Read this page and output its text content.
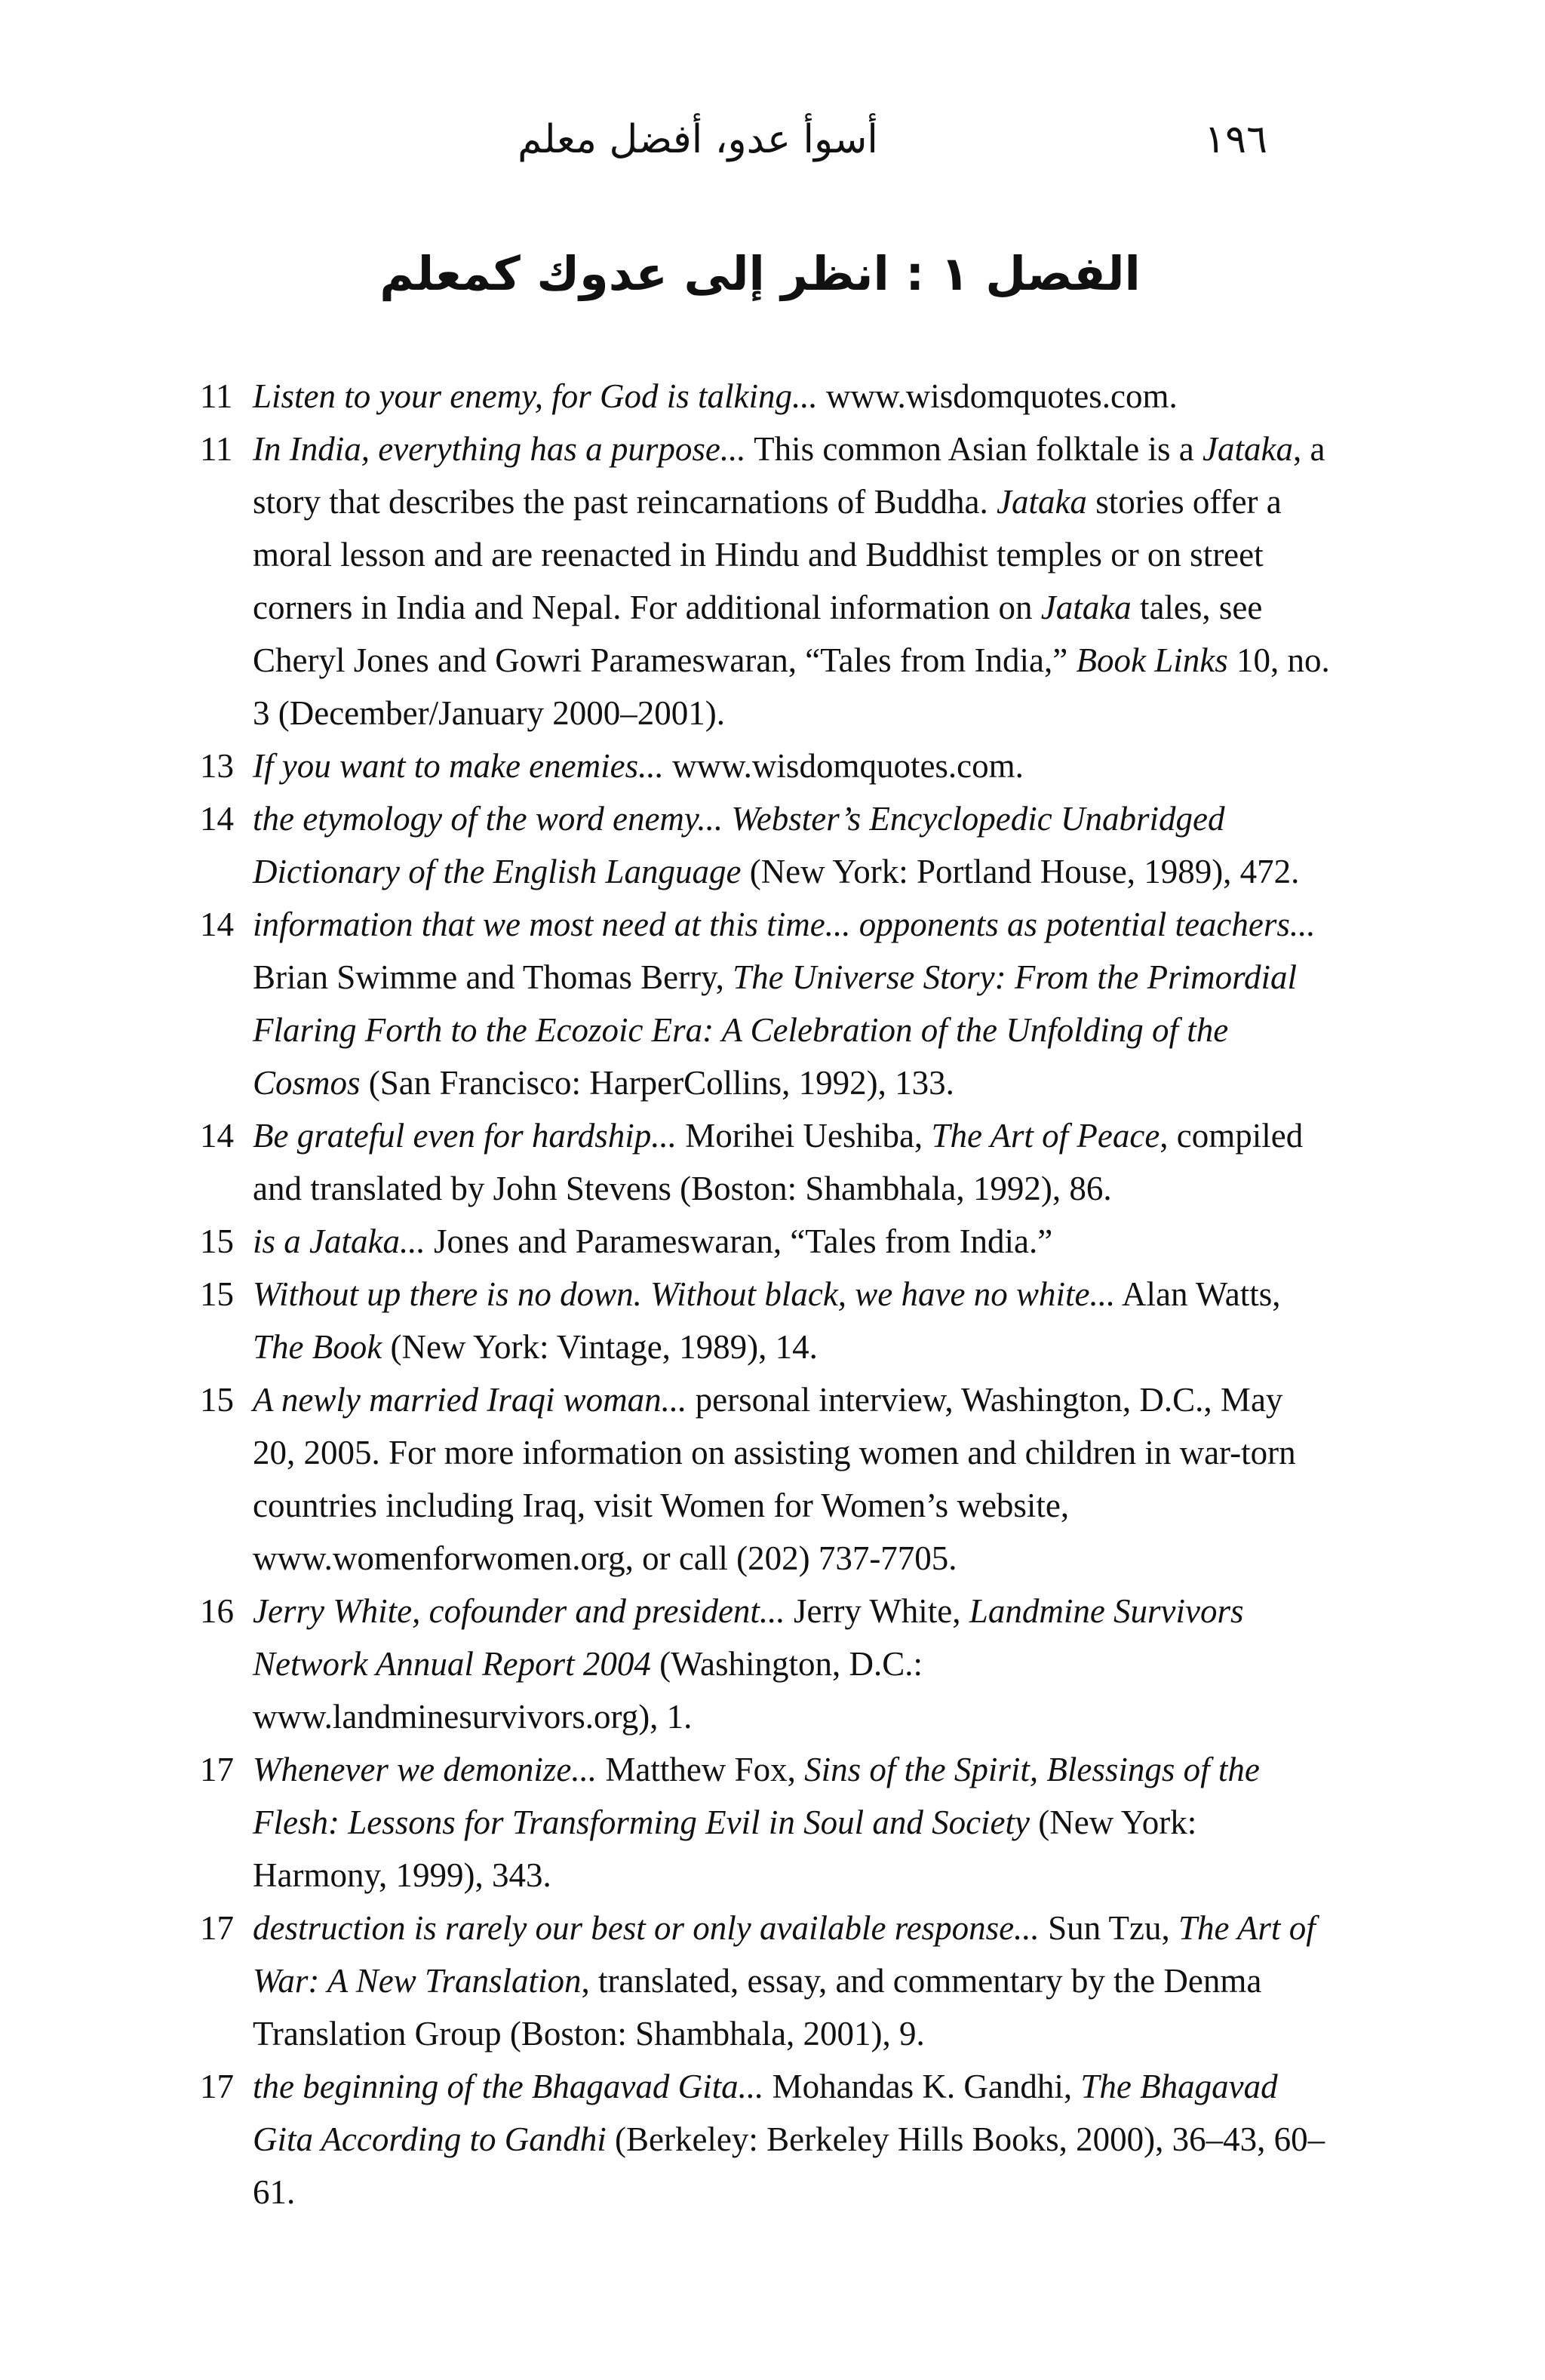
أسوأ عدو، أفضل معلم	١٩٦
الفصل ١ : انظر إلى عدوك كمعلم
11 Listen to your enemy, for God is talking... www.wisdomquotes.com.
11 In India, everything has a purpose... This common Asian folktale is a Jataka, a story that describes the past reincarnations of Buddha. Jataka stories offer a moral lesson and are reenacted in Hindu and Buddhist temples or on street corners in India and Nepal. For additional information on Jataka tales, see Cheryl Jones and Gowri Parameswaran, “Tales from India,” Book Links 10, no. 3 (December/January 2000–2001).
13 If you want to make enemies... www.wisdomquotes.com.
14 the etymology of the word enemy... Webster’s Encyclopedic Unabridged Dictionary of the English Language (New York: Portland House, 1989), 472.
14 information that we most need at this time... opponents as potential teachers... Brian Swimme and Thomas Berry, The Universe Story: From the Primordial Flaring Forth to the Ecozoic Era: A Celebration of the Unfolding of the Cosmos (San Francisco: HarperCollins, 1992), 133.
14 Be grateful even for hardship... Morihei Ueshiba, The Art of Peace, compiled and translated by John Stevens (Boston: Shambhala, 1992), 86.
15 is a Jataka... Jones and Parameswaran, “Tales from India.”
15 Without up there is no down. Without black, we have no white... Alan Watts, The Book (New York: Vintage, 1989), 14.
15 A newly married Iraqi woman... personal interview, Washington, D.C., May 20, 2005. For more information on assisting women and children in war-torn countries including Iraq, visit Women for Women’s website, www.womenforwomen.org, or call (202) 737-7705.
16 Jerry White, cofounder and president... Jerry White, Landmine Survivors Network Annual Report 2004 (Washington, D.C.: www.landminesurvivors.org), 1.
17 Whenever we demonize... Matthew Fox, Sins of the Spirit, Blessings of the Flesh: Lessons for Transforming Evil in Soul and Society (New York: Harmony, 1999), 343.
17 destruction is rarely our best or only available response... Sun Tzu, The Art of War: A New Translation, translated, essay, and commentary by the Denma Translation Group (Boston: Shambhala, 2001), 9.
17 the beginning of the Bhagavad Gita... Mohandas K. Gandhi, The Bhagavad Gita According to Gandhi (Berkeley: Berkeley Hills Books, 2000), 36–43, 60–61.
